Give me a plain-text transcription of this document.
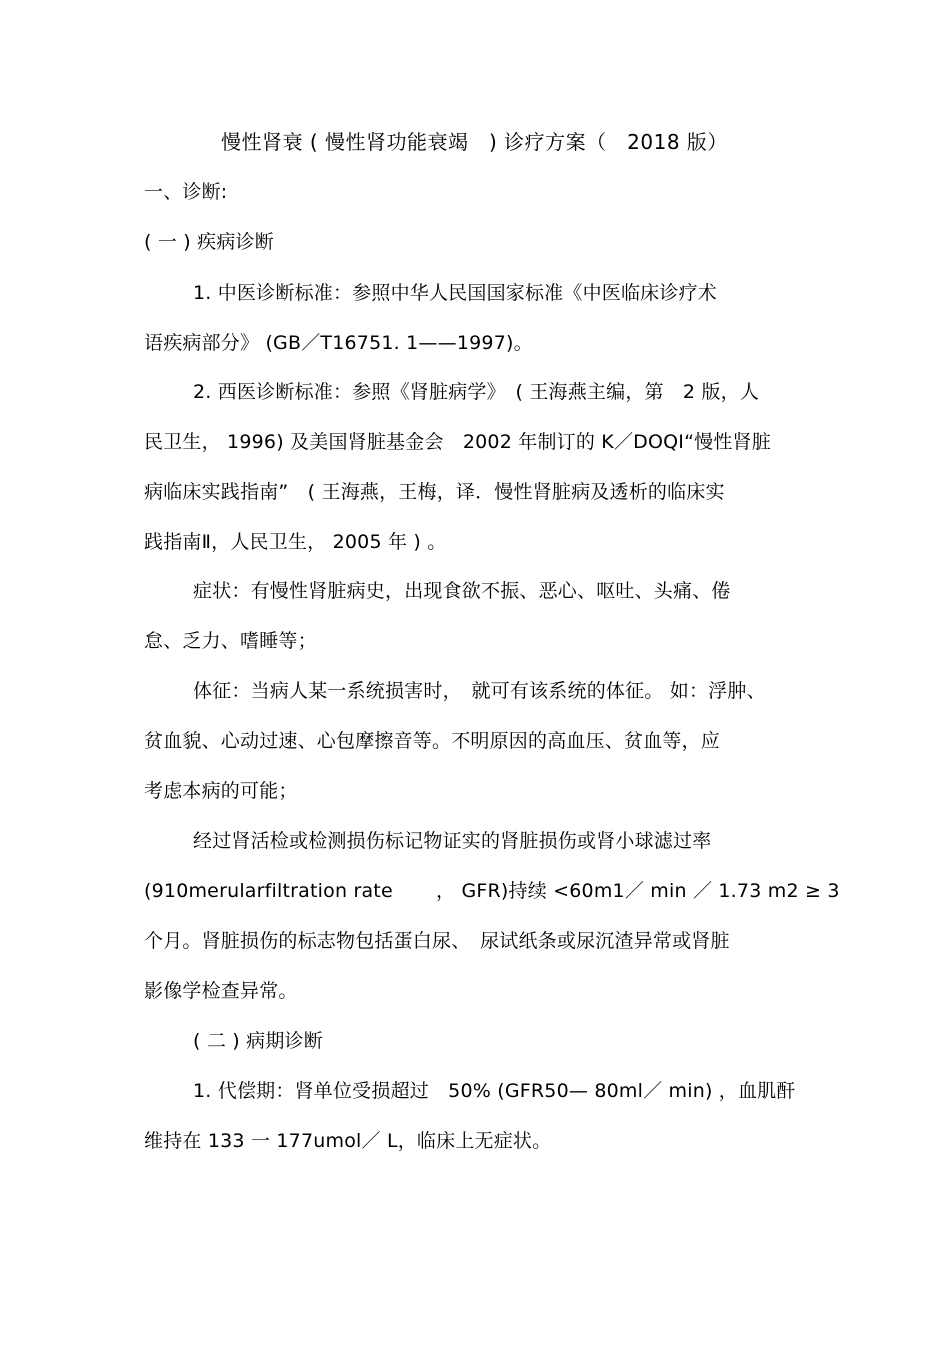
慢性肾衰 ( 慢性肾功能衰竭　) 诊疗方案（　2018 版）
一、诊断:
( 一 ) 疾病诊断
1. 中医诊断标准：参照中华人民国国家标准《中医临床诊疗术
语疾病部分》 (GB／T16751. 1——1997)。
2. 西医诊断标准：参照《肾脏病学》　( 王海燕主编，第　2 版，人
民卫生， 1996) 及美国肾脏基金会　2002 年制订的 K／DOQI“慢性肾脏
病临床实践指南”　( 王海燕，王梅，译．慢性肾脏病及透析的临床实
践指南Ⅱ，人民卫生， 2005 年 ) 。
症状：有慢性肾脏病史，出现食欲不振、恶心、呕吐、头痛、倦
怠、乏力、嗜睡等；
体征：当病人某一系统损害时，　就可有该系统的体征。 如：浮肿、
贫血貌、心动过速、心包摩擦音等。不明原因的高血压、贫血等，应
考虑本病的可能；
经过肾活检或检测损伤标记物证实的肾脏损伤或肾小球滤过率
(910merularfiltration rate ， GFR)持续 <60m1／ min ／ 1.73 m2 ≥ 3
个月。肾脏损伤的标志物包括蛋白尿、　尿试纸条或尿沉渣异常或肾脏
影像学检查异常。
( 二 ) 病期诊断
1. 代偿期：肾单位受损超过　50% (GFR50— 80ml／ min) ，血肌酐
维持在 133 一 177umol／ L，临床上无症状。
